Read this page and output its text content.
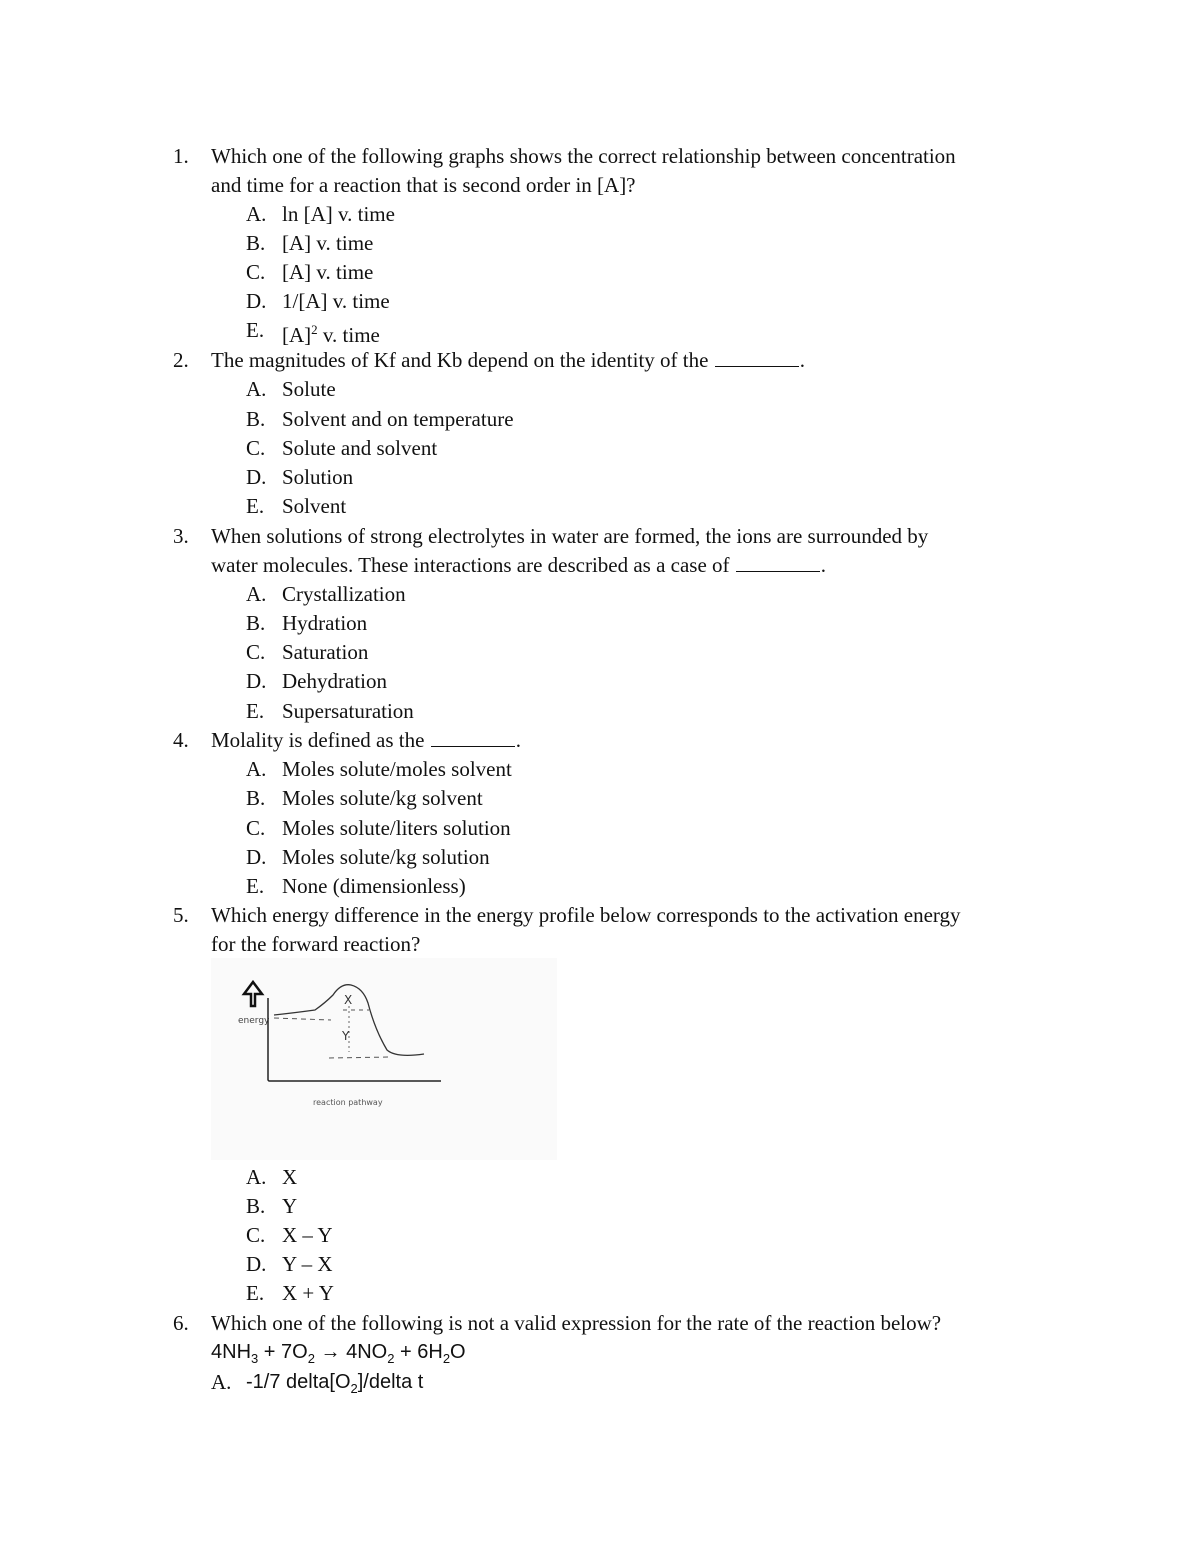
1. Which one of the following graphs shows the correct relationship between concentration
and time for a reaction that is second order in [A]?
A. ln [A] v. time
B. [A] v. time
C. [A] v. time
D. 1/[A] v. time
E. $[A]^2$ v. time
2. The magnitudes of Kf and Kb depend on the identity of the	.
A. Solute
B. Solvent and on temperature
C. Solute and solvent
D. Solution
E. Solvent
3. When solutions of strong electrolytes in water are formed, the ions are surrounded by
water molecules. These interactions are described as a case of	.
A. Crystallization
B. Hydration
C. Saturation
D. Dehydration
E. Supersaturation
4. Molality is defined as the	.
A. Moles solute/moles solvent
B. Moles solute/kg solvent
C. Moles solute/liters solution
D. Moles solute/kg solution
E. None (dimensionless)
5. Which energy difference in the energy profile below corresponds to the activation energy
for the forward reaction?
energy
X
Y
reaction pathway
A. X
B. Y
C. X – Y
D. Y – X
E. X + Y
6. Which one of the following is not a valid expression for the rate of the reaction below?
$4NH_3 + 7O_2 \to 4NO_2 + 6H_2O$
A. -1/7 $delta[O_2]$/delta t
